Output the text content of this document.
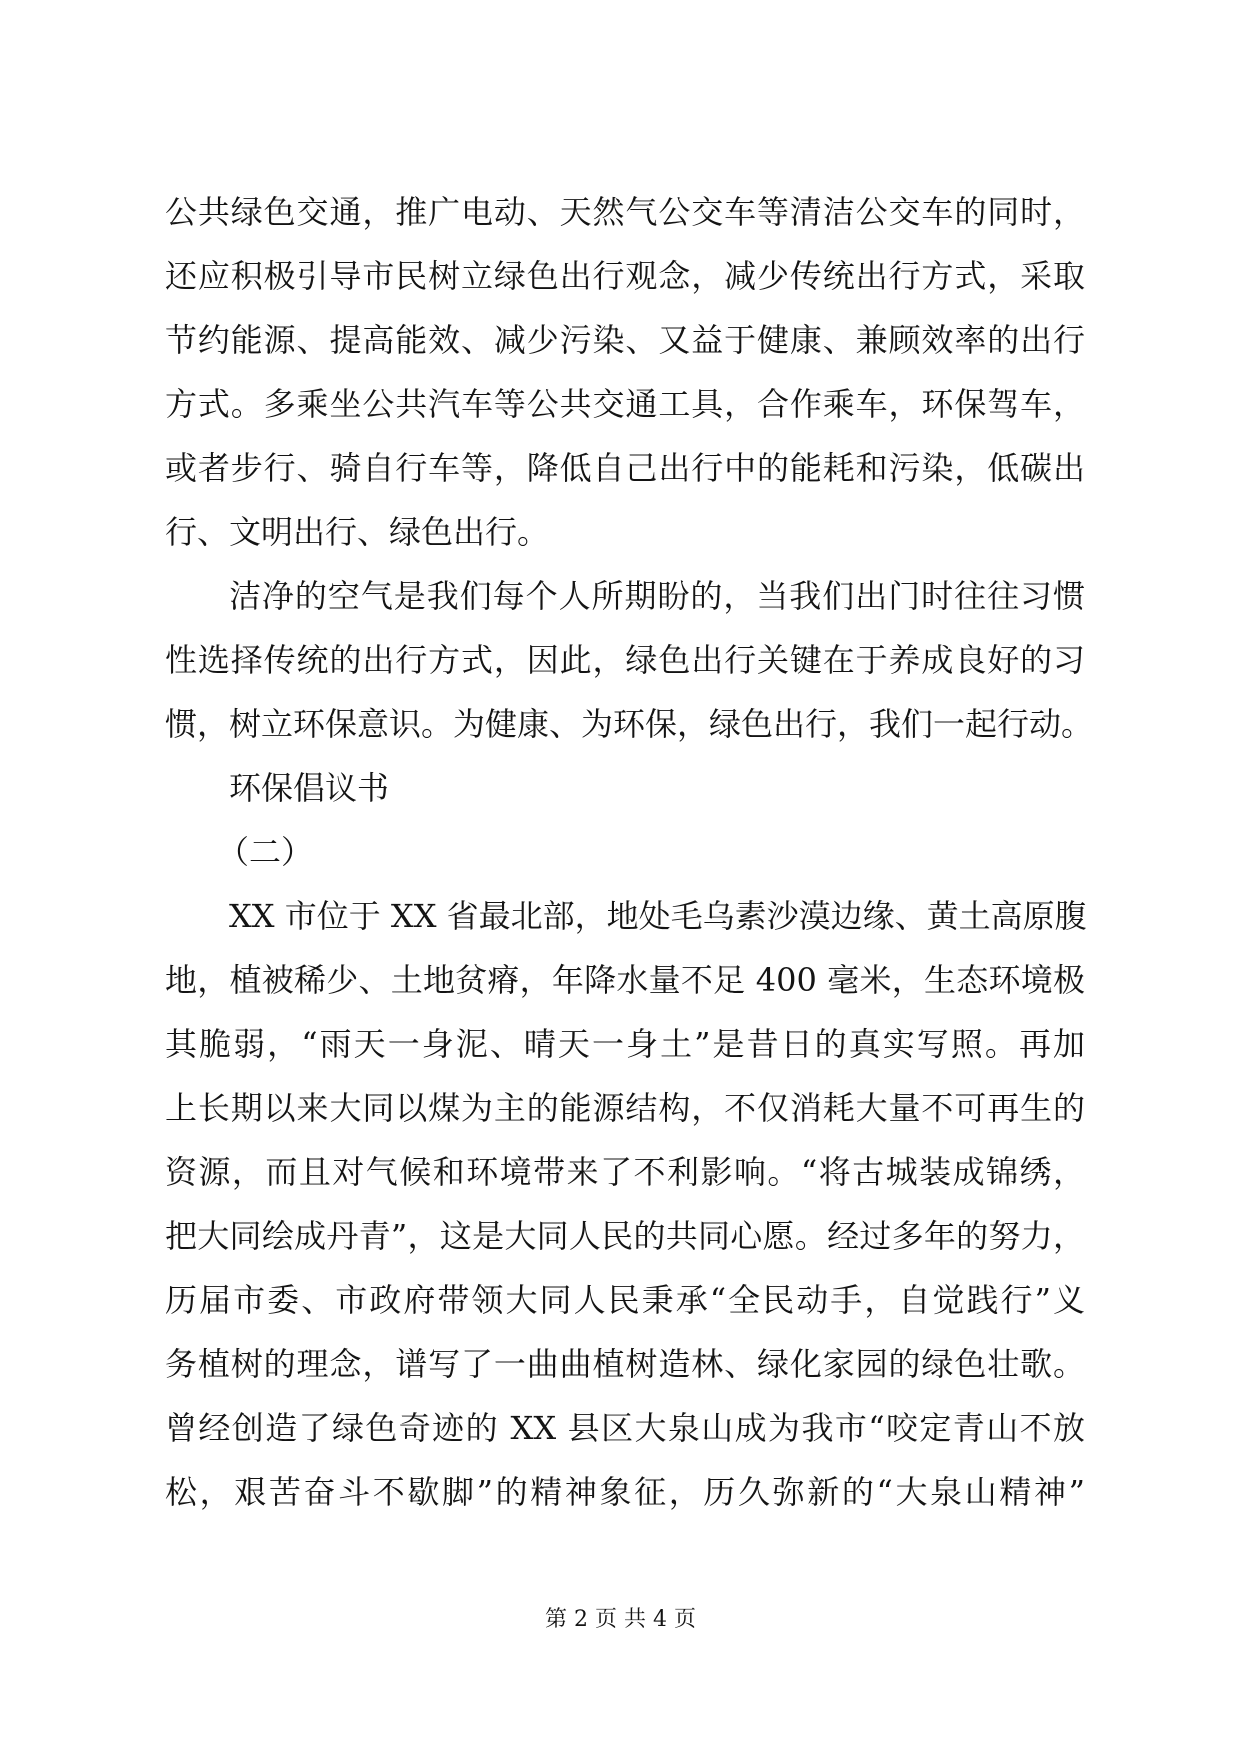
公共绿色交通，推广电动、天然气公交车等清洁公交车的同时，
还应积极引导市民树立绿色出行观念，减少传统出行方式，采取
节约能源、提高能效、减少污染、又益于健康、兼顾效率的出行
方式。多乘坐公共汽车等公共交通工具，合作乘车，环保驾车，
或者步行、骑自行车等，降低自己出行中的能耗和污染，低碳出
行、文明出行、绿色出行。
洁净的空气是我们每个人所期盼的，当我们出门时往往习惯
性选择传统的出行方式，因此，绿色出行关键在于养成良好的习
惯，树立环保意识。为健康、为环保，绿色出行，我们一起行动。
环保倡议书
（二）
XX 市位于 XX 省最北部，地处毛乌素沙漠边缘、黄土高原腹
地，植被稀少、土地贫瘠，年降水量不足 400 毫米，生态环境极
其脆弱，“雨天一身泥、晴天一身土”是昔日的真实写照。再加
上长期以来大同以煤为主的能源结构，不仅消耗大量不可再生的
资源，而且对气候和环境带来了不利影响。“将古城装成锦绣，
把大同绘成丹青”，这是大同人民的共同心愿。经过多年的努力，
历届市委、市政府带领大同人民秉承“全民动手，自觉践行”义
务植树的理念，谱写了一曲曲植树造林、绿化家园的绿色壮歌。
曾经创造了绿色奇迹的 XX 县区大泉山成为我市“咬定青山不放
松，艰苦奋斗不歇脚”的精神象征，历久弥新的“大泉山精神”
第 2 页 共 4 页
